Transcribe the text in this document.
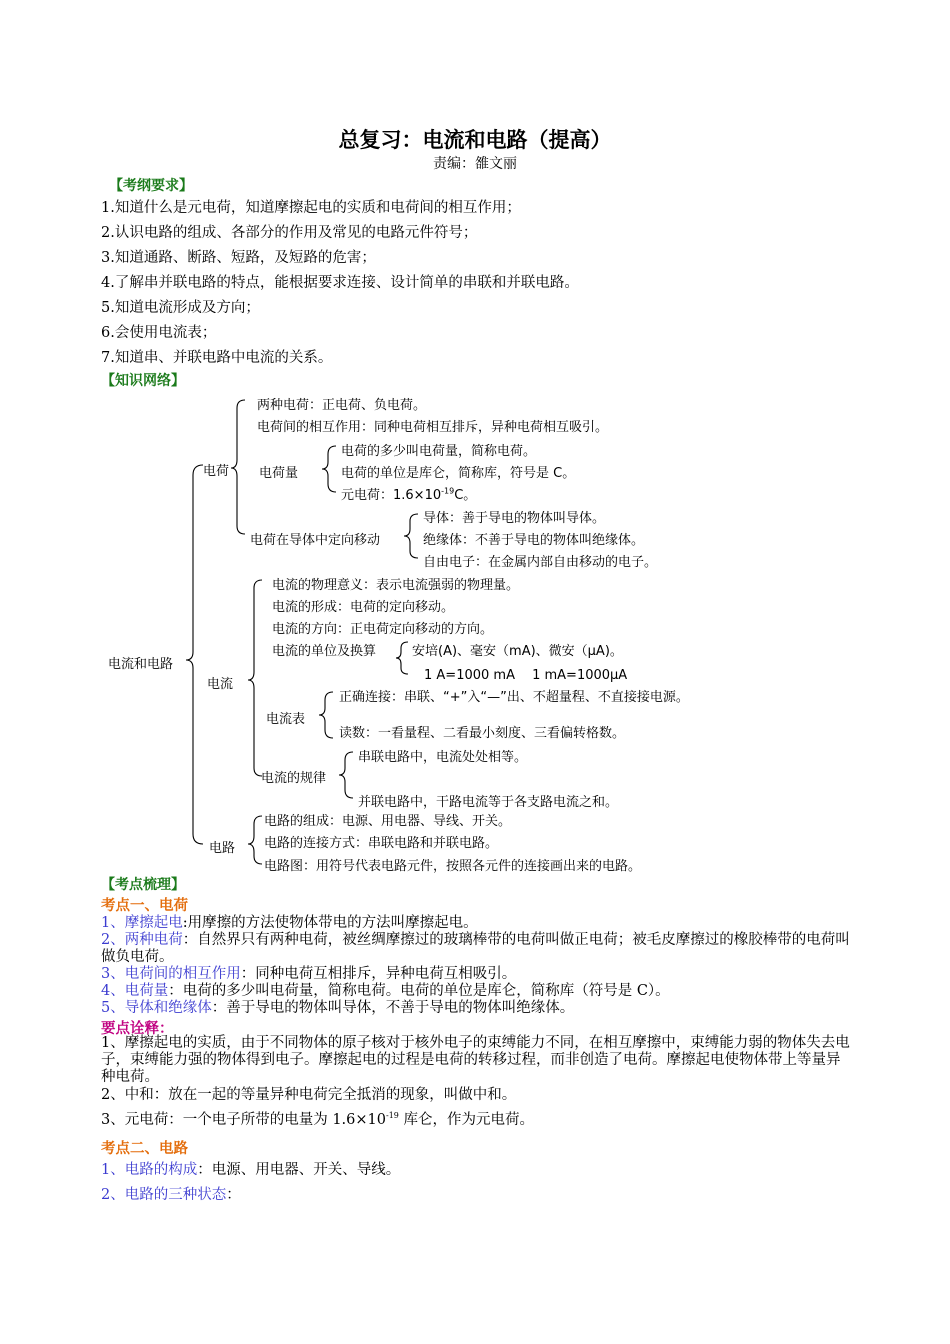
总复习：电流和电路（提高）
责编：雒文丽
【考纲要求】
1.知道什么是元电荷，知道摩擦起电的实质和电荷间的相互作用；
2.认识电路的组成、各部分的作用及常见的电路元件符号；
3.知道通路、断路、短路，及短路的危害；
4.了解串并联电路的特点，能根据要求连接、设计简单的串联和并联电路。
5.知道电流形成及方向；
6.会使用电流表；
7.知道串、并联电路中电流的关系。
【知识网络】
电流和电路
电荷
两种电荷：正电荷、负电荷。
电荷间的相互作用：同种电荷相互排斥，异种电荷相互吸引。
电荷量
电荷的多少叫电荷量，简称电荷。
电荷的单位是库仑，简称库，符号是 C。
元电荷：$1.6\times 10^{-19}C$。
电荷在导体中定向移动
导体：善于导电的物体叫导体。
绝缘体：不善于导电的物体叫绝缘体。
自由电子：在金属内部自由移动的电子。
电流
电流的物理意义：表示电流强弱的物理量。
电流的形成：电荷的定向移动。
电流的方向：正电荷定向移动的方向。
电流的单位及换算	安培(A)、毫安（mA)、微安（μA)。
1 A=1000 mA　 1 mA=1000μA
电流表
正确连接：串联、“+”入“—”出、不超量程、不直接接电源。
读数：一看量程、二看最小刻度、三看偏转格数。
电流的规律
串联电路中，电流处处相等。
并联电路中，干路电流等于各支路电流之和。
电路
电路的组成：电源、用电器、导线、开关。
电路的连接方式：串联电路和并联电路。
电路图：用符号代表电路元件，按照各元件的连接画出来的电路。
【考点梳理】
考点一、电荷
1、摩擦起电:用摩擦的方法使物体带电的方法叫摩擦起电。
2、两种电荷：自然界只有两种电荷，被丝绸摩擦过的玻璃棒带的电荷叫做正电荷；被毛皮摩擦过的橡胶棒带的电荷叫做负电荷。
3、电荷间的相互作用：同种电荷互相排斥，异种电荷互相吸引。
4、电荷量：电荷的多少叫电荷量，简称电荷。电荷的单位是库仑，简称库（符号是 C）。
5、导体和绝缘体：善于导电的物体叫导体，不善于导电的物体叫绝缘体。
要点诠释：
1、摩擦起电的实质，由于不同物体的原子核对于核外电子的束缚能力不同，在相互摩擦中，束缚能力弱的物体失去电子，束缚能力强的物体得到电子。摩擦起电的过程是电荷的转移过程，而非创造了电荷。摩擦起电使物体带上等量异种电荷。
2、中和：放在一起的等量异种电荷完全抵消的现象，叫做中和。
3、元电荷：一个电子所带的电量为 $1.6\times 10^{-19}$ 库仑，作为元电荷。
考点二、电路
1、电路的构成：电源、用电器、开关、导线。
2、电路的三种状态：
